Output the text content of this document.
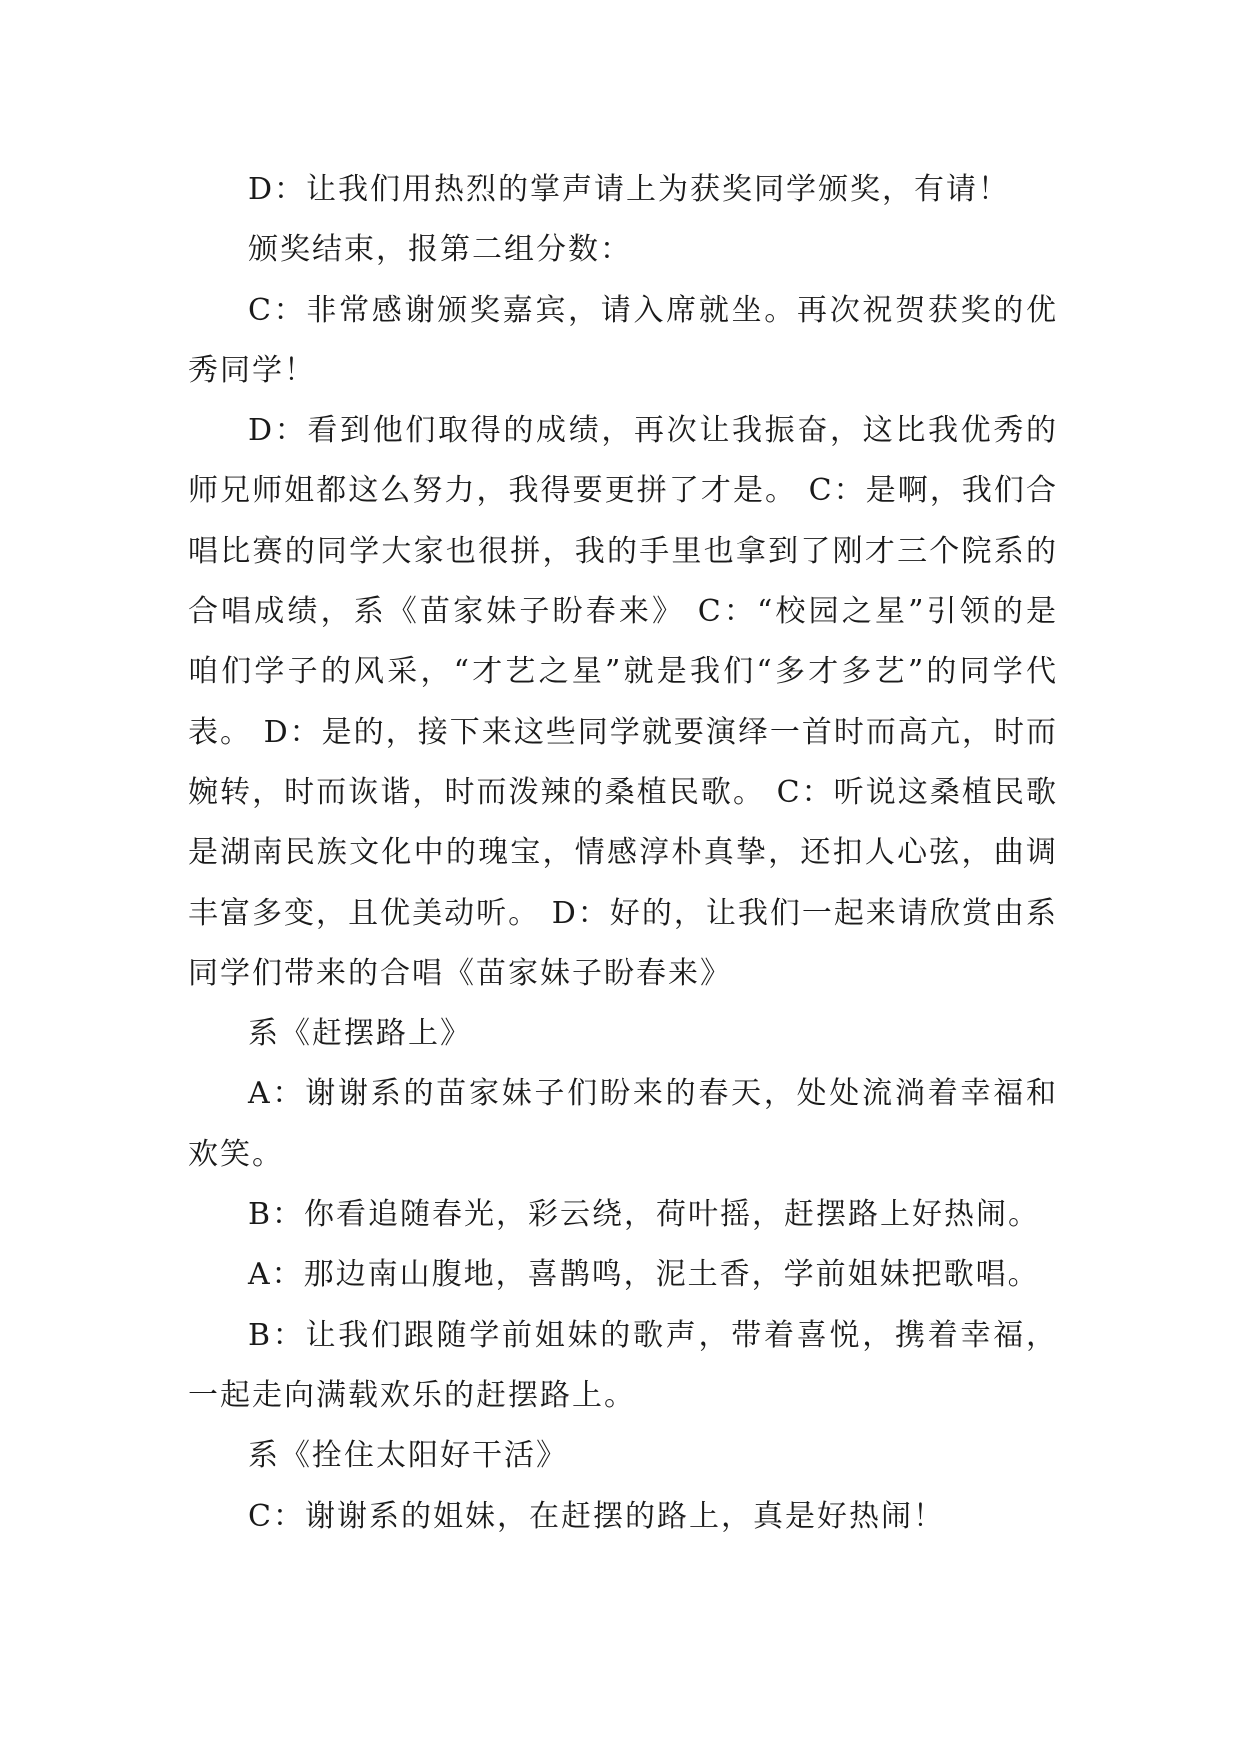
D：让我们用热烈的掌声请上为获奖同学颁奖，有请！

颁奖结束，报第二组分数：

C：非常感谢颁奖嘉宾，请入席就坐。再次祝贺获奖的优秀同学！

D：看到他们取得的成绩，再次让我振奋，这比我优秀的师兄师姐都这么努力，我得要更拼了才是。 C：是啊，我们合唱比赛的同学大家也很拼，我的手里也拿到了刚才三个院系的合唱成绩，系《苗家妹子盼春来》 C：“校园之星”引领的是咱们学子的风采，“才艺之星”就是我们“多才多艺”的同学代表。 D：是的，接下来这些同学就要演绎一首时而高亢，时而婉转，时而诙谐，时而泼辣的桑植民歌。 C：听说这桑植民歌是湖南民族文化中的瑰宝，情感淳朴真挚，还扣人心弦，曲调丰富多变，且优美动听。 D：好的，让我们一起来请欣赏由系同学们带来的合唱《苗家妹子盼春来》

系《赶摆路上》

A：谢谢系的苗家妹子们盼来的春天，处处流淌着幸福和欢笑。

B：你看追随春光，彩云绕，荷叶摇，赶摆路上好热闹。

A：那边南山腹地，喜鹊鸣，泥土香，学前姐妹把歌唱。

B：让我们跟随学前姐妹的歌声，带着喜悦，携着幸福，一起走向满载欢乐的赶摆路上。

系《拴住太阳好干活》

C：谢谢系的姐妹，在赶摆的路上，真是好热闹！
